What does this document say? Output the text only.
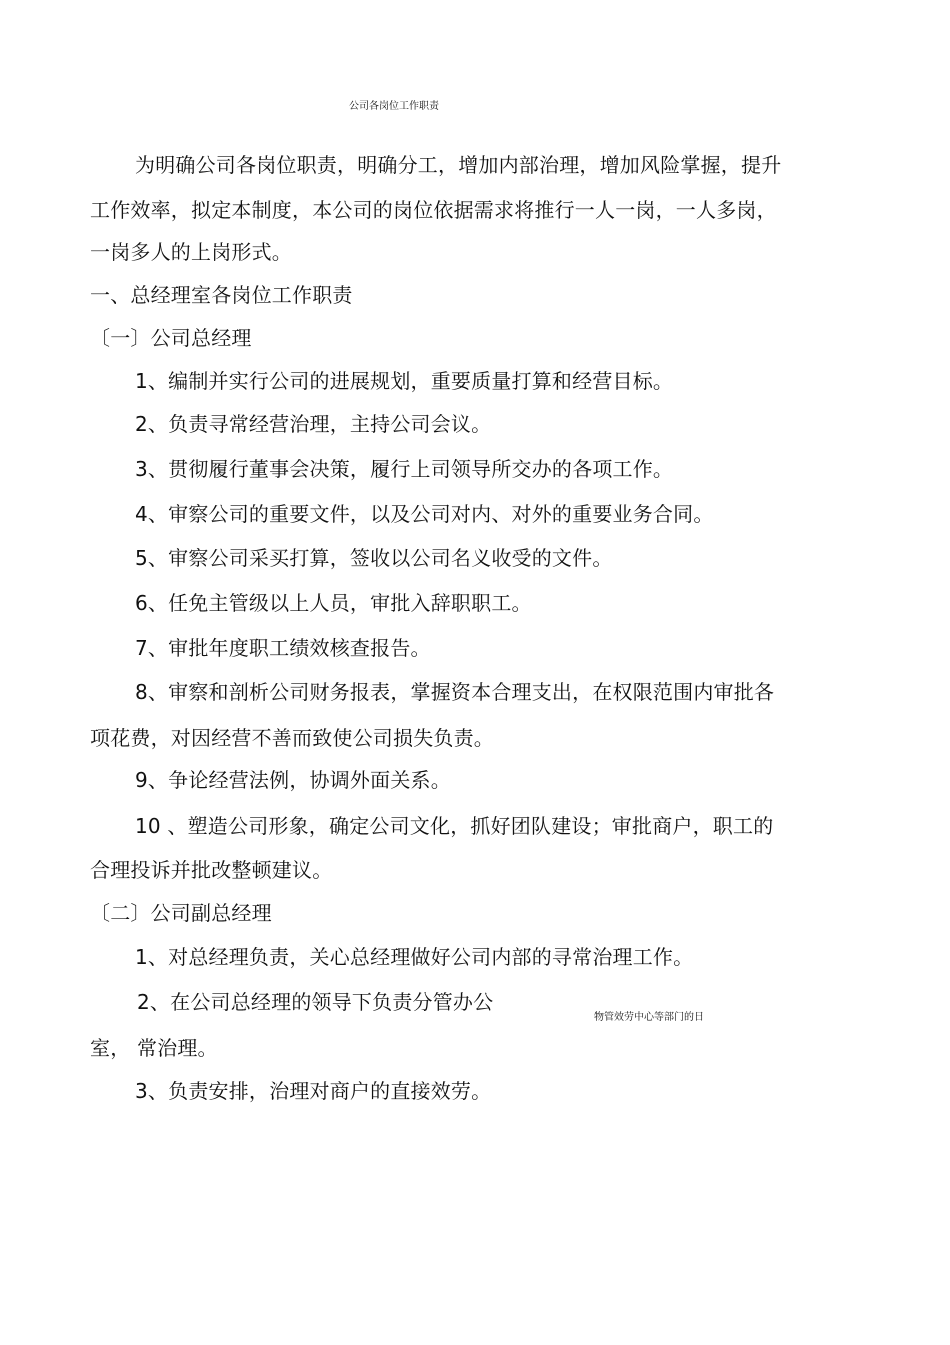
公司各岗位工作职责
为明确公司各岗位职责，明确分工，增加内部治理，增加风险掌握，提升
工作效率，拟定本制度，本公司的岗位依据需求将推行一人一岗，一人多岗，
一岗多人的上岗形式。
一、总经理室各岗位工作职责
〔一〕公司总经理
1、编制并实行公司的进展规划，重要质量打算和经营目标。
2、负责寻常经营治理，主持公司会议。
3、贯彻履行董事会决策，履行上司领导所交办的各项工作。
4、审察公司的重要文件，以及公司对内、对外的重要业务合同。
5、审察公司采买打算，签收以公司名义收受的文件。
6、任免主管级以上人员，审批入辞职职工。
7、审批年度职工绩效核查报告。
8、审察和剖析公司财务报表，掌握资本合理支出，在权限范围内审批各
项花费，对因经营不善而致使公司损失负责。
9、争论经营法例，协调外面关系。
10 、塑造公司形象，确定公司文化，抓好团队建设；审批商户，职工的
合理投诉并批改整顿建议。
〔二〕公司副总经理
1、对总经理负责，关心总经理做好公司内部的寻常治理工作。
2、在公司总经理的领导下负责分管办公
物管效劳中心等部门的日
室， 常治理。
3、负责安排，治理对商户的直接效劳。
